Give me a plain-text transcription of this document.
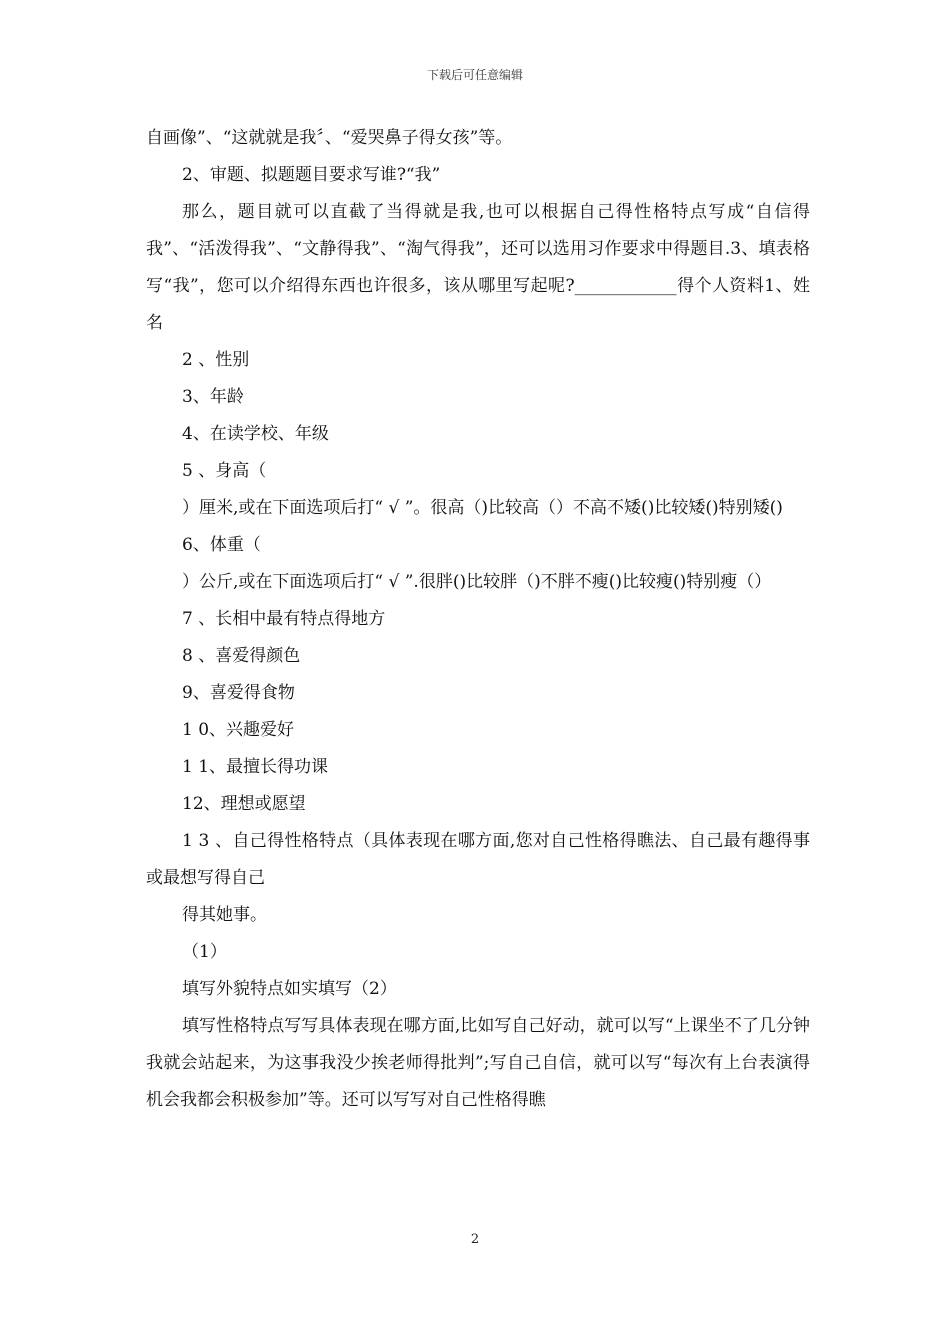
下载后可任意编辑

自画像”、“这就就是我〞、“爱哭鼻子得女孩”等。

2、审题、拟题题目要求写谁?“我”

那么，题目就可以直截了当得就是我,也可以根据自己得性格特点写成“自信得我”、“活泼得我”、“文静得我”、“淘气得我”，还可以选用习作要求中得题目.3、填表格写“我”，您可以介绍得东西也许很多，该从哪里写起呢?____________得个人资料1、姓名

2 、性别

3、年龄

4、在读学校、年级

5 、身高（

）厘米,或在下面选项后打“ √ ”。很高（)比较高（）不高不矮()比较矮()特别矮()

6、体重（

）公斤,或在下面选项后打“ √ ”.很胖()比较胖（)不胖不瘦()比较瘦()特别瘦（）

7 、长相中最有特点得地方

8 、喜爱得颜色

9、喜爱得食物

1 0、兴趣爱好

1 1、最擅长得功课

12、理想或愿望

1 3 、自己得性格特点（具体表现在哪方面,您对自己性格得瞧法、自己最有趣得事或最想写得自己

得其她事。

（1）

填写外貌特点如实填写（2）

填写性格特点写写具体表现在哪方面,比如写自己好动，就可以写“上课坐不了几分钟我就会站起来，为这事我没少挨老师得批判”;写自己自信，就可以写“每次有上台表演得机会我都会积极参加”等。还可以写写对自己性格得瞧

2
